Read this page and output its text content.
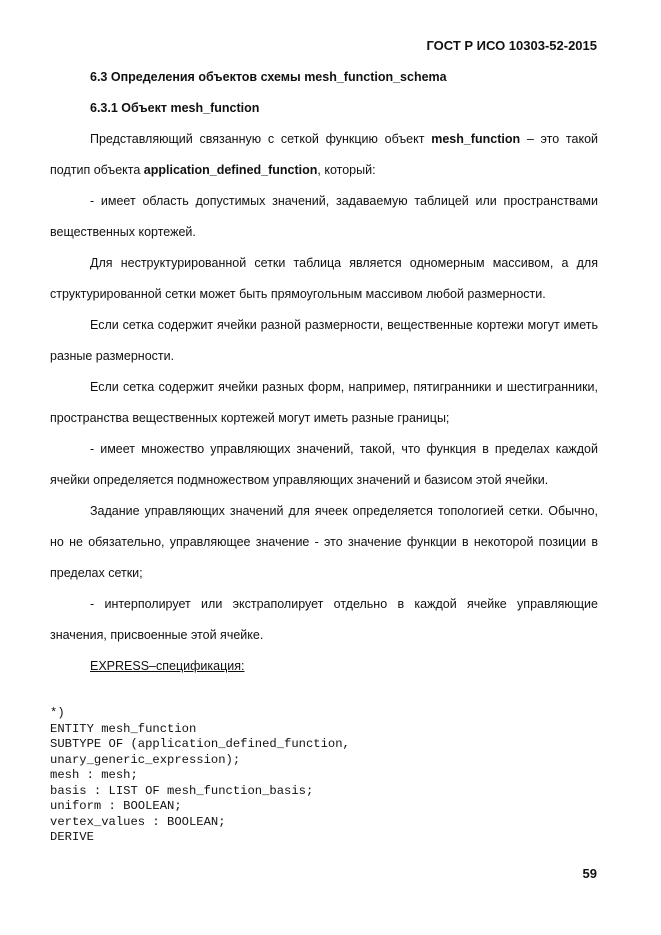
ГОСТ Р ИСО 10303-52-2015

6.3 Определения объектов схемы mesh_function_schema

6.3.1 Объект mesh_function

Представляющий связанную с сеткой функцию объект mesh_function – это такой подтип объекта application_defined_function, который:

- имеет область допустимых значений, задаваемую таблицей или пространствами вещественных кортежей.

Для неструктурированной сетки таблица является одномерным массивом, а для структурированной сетки может быть прямоугольным массивом любой размерности.

Если сетка содержит ячейки разной размерности, вещественные кортежи могут иметь разные размерности.

Если сетка содержит ячейки разных форм, например, пятигранники и шестигранники, пространства вещественных кортежей могут иметь разные границы;

- имеет множество управляющих значений, такой, что функция в пределах каждой ячейки определяется подмножеством управляющих значений и базисом этой ячейки.

Задание управляющих значений для ячеек определяется топологией сетки. Обычно, но не обязательно, управляющее значение - это значение функции в некоторой позиции в пределах сетки;

- интерполирует или экстраполирует отдельно в каждой ячейке управляющие значения, присвоенные этой ячейке.

EXPRESS–спецификация:

*)
ENTITY mesh_function
SUBTYPE OF (application_defined_function,
unary_generic_expression);
mesh : mesh;
basis : LIST OF mesh_function_basis;
uniform : BOOLEAN;
vertex_values : BOOLEAN;
DERIVE
59
